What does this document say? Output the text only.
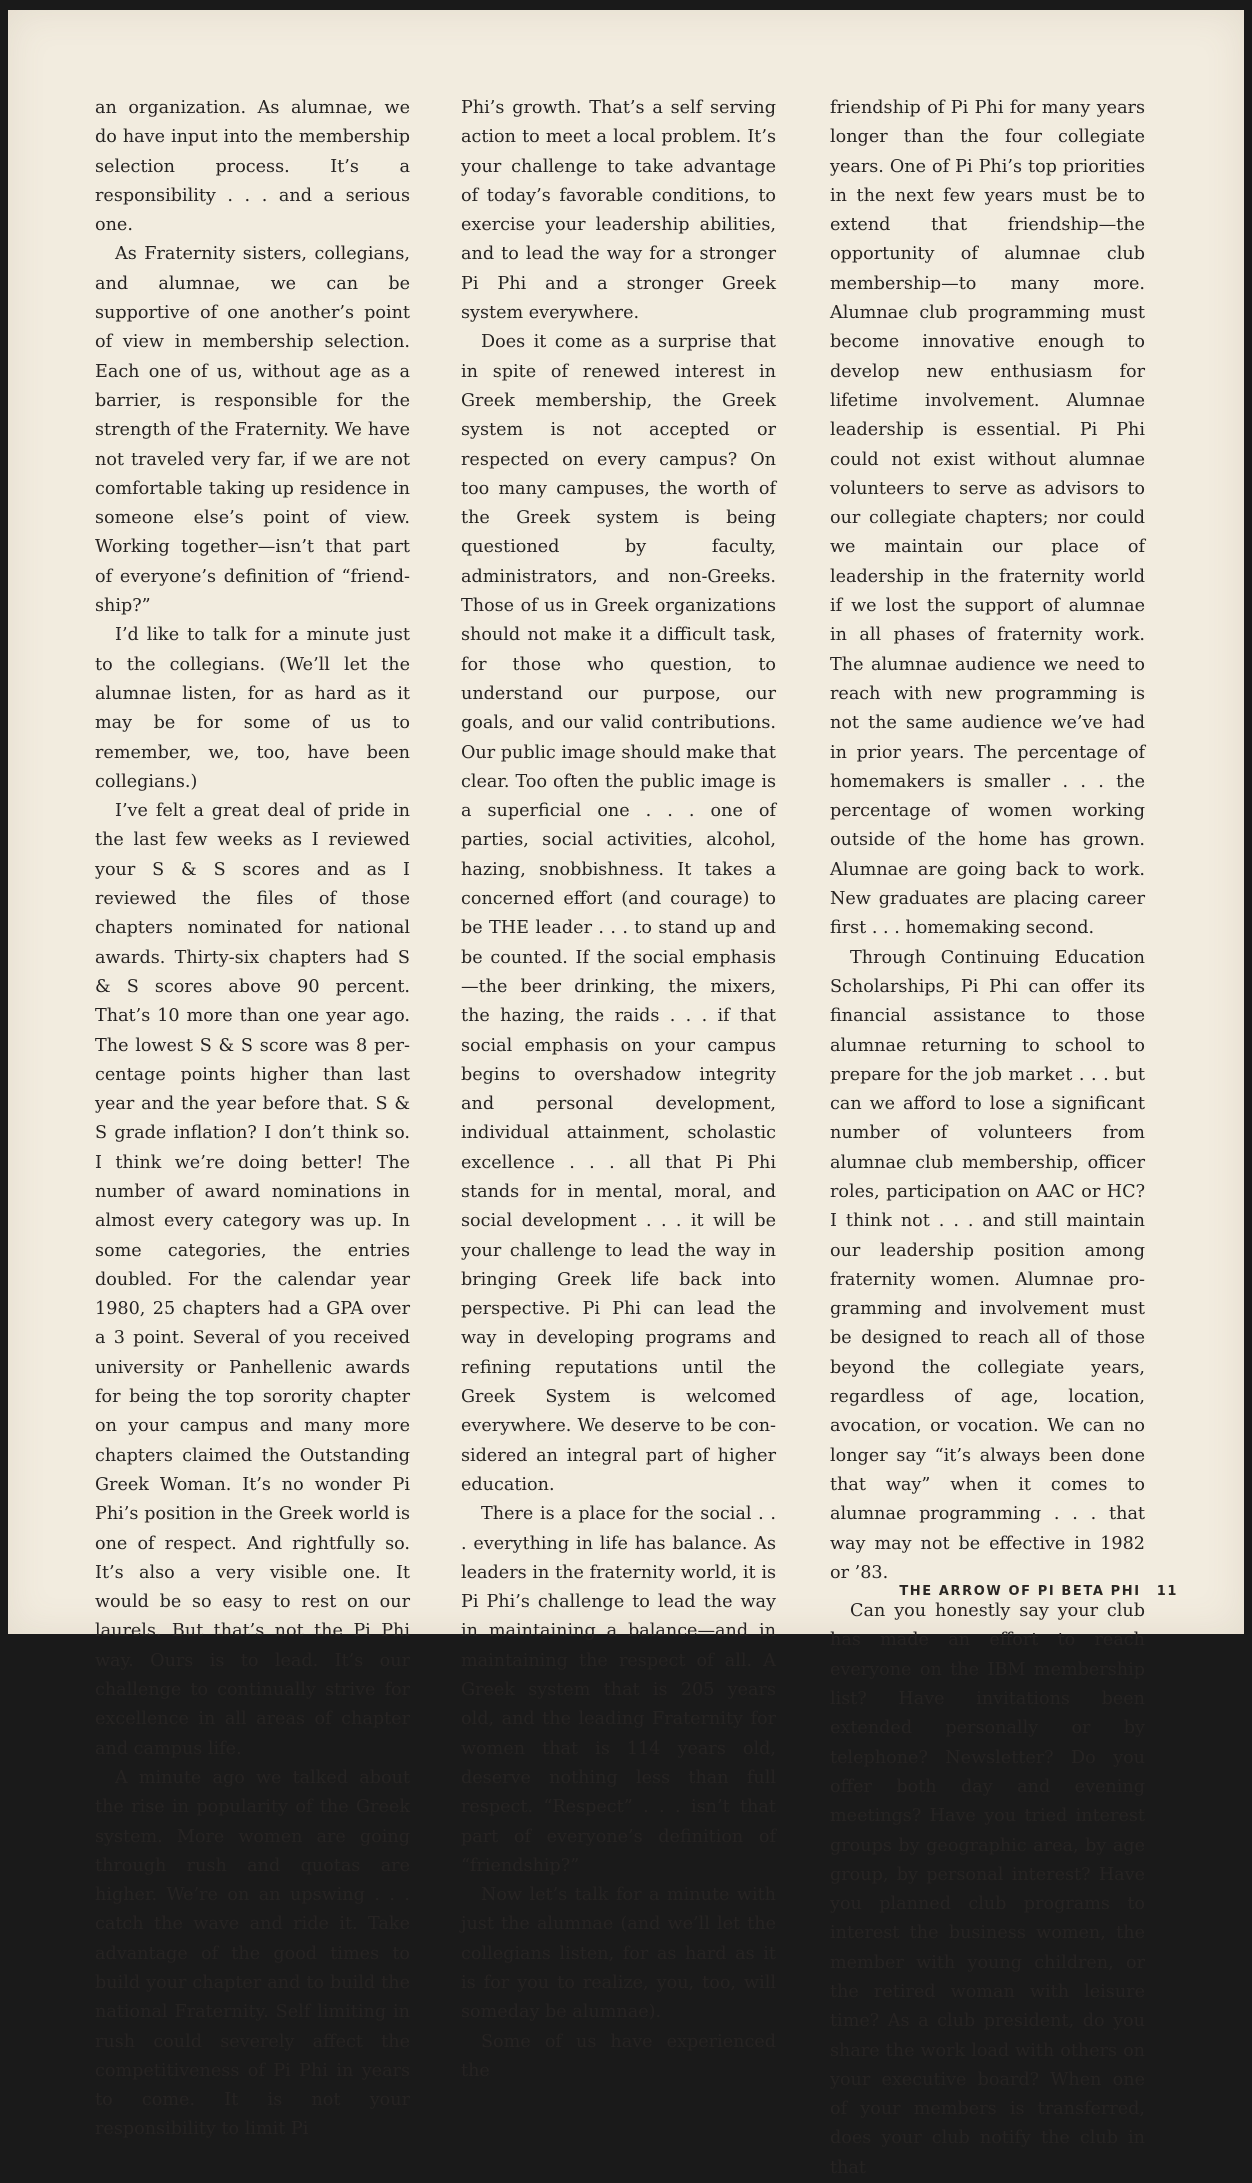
an organization. As alumnae, we do have input into the membership selection process. It’s a responsibility . . . and a serious one.

As Fraternity sisters, collegians, and alumnae, we can be supportive of one another’s point of view in membership selection. Each one of us, without age as a barrier, is responsible for the strength of the Fraternity. We have not traveled very far, if we are not comfortable taking up residence in someone else’s point of view. Working together—isn’t that part of everyone’s definition of “friendship?”

I’d like to talk for a minute just to the collegians. (We’ll let the alumnae listen, for as hard as it may be for some of us to remember, we, too, have been collegians.)

I’ve felt a great deal of pride in the last few weeks as I reviewed your S & S scores and as I reviewed the files of those chapters nominated for national awards. Thirty-six chapters had S & S scores above 90 percent. That’s 10 more than one year ago. The lowest S & S score was 8 percentage points higher than last year and the year before that. S & S grade inflation? I don’t think so. I think we’re doing better! The number of award nominations in almost every category was up. In some categories, the entries doubled. For the calendar year 1980, 25 chapters had a GPA over a 3 point. Several of you received university or Panhellenic awards for being the top sorority chapter on your campus and many more chapters claimed the Outstanding Greek Woman. It’s no wonder Pi Phi’s position in the Greek world is one of respect. And rightfully so. It’s also a very visible one. It would be so easy to rest on our laurels. But that’s not the Pi Phi way. Ours is to lead. It’s our challenge to continually strive for excellence in all areas of chapter and campus life.

A minute ago we talked about the rise in popularity of the Greek system. More women are going through rush and quotas are higher. We’re on an upswing . . . catch the wave and ride it. Take advantage of the good times to build your chapter and to build the national Fraternity. Self limiting in rush could severely affect the competitiveness of Pi Phi in years to come. It is not your responsibility to limit Pi

Phi’s growth. That’s a self serving action to meet a local problem. It’s your challenge to take advantage of today’s favorable conditions, to exercise your leadership abilities, and to lead the way for a stronger Pi Phi and a stronger Greek system everywhere.

Does it come as a surprise that in spite of renewed interest in Greek membership, the Greek system is not accepted or respected on every campus? On too many campuses, the worth of the Greek system is being questioned by faculty, administrators, and non-Greeks. Those of us in Greek organizations should not make it a difficult task, for those who question, to understand our purpose, our goals, and our valid contributions. Our public image should make that clear. Too often the public image is a superficial one . . . one of parties, social activities, alcohol, hazing, snobbishness. It takes a concerned effort (and courage) to be THE leader . . . to stand up and be counted. If the social emphasis—the beer drinking, the mixers, the hazing, the raids . . . if that social emphasis on your campus begins to overshadow integrity and personal development, individual attainment, scholastic excellence . . . all that Pi Phi stands for in mental, moral, and social development . . . it will be your challenge to lead the way in bringing Greek life back into perspective. Pi Phi can lead the way in developing programs and refining reputations until the Greek System is welcomed everywhere. We deserve to be considered an integral part of higher education.

There is a place for the social . . . everything in life has balance. As leaders in the fraternity world, it is Pi Phi’s challenge to lead the way in maintaining a balance—and in maintaining the respect of all. A Greek system that is 205 years old, and the leading Fraternity for women that is 114 years old, deserve nothing less than full respect. “Respect” . . . isn’t that part of everyone’s definition of “friendship?”

Now let’s talk for a minute with just the alumnae (and we’ll let the collegians listen, for as hard as it is for you to realize, you, too, will someday be alumnae).

Some of us have experienced the

friendship of Pi Phi for many years longer than the four collegiate years. One of Pi Phi’s top priorities in the next few years must be to extend that friendship—the opportunity of alumnae club membership—to many more. Alumnae club programming must become innovative enough to develop new enthusiasm for lifetime involvement. Alumnae leadership is essential. Pi Phi could not exist without alumnae volunteers to serve as advisors to our collegiate chapters; nor could we maintain our place of leadership in the fraternity world if we lost the support of alumnae in all phases of fraternity work. The alumnae audience we need to reach with new programming is not the same audience we’ve had in prior years. The percentage of homemakers is smaller . . . the percentage of women working outside of the home has grown. Alumnae are going back to work. New graduates are placing career first . . . homemaking second.

Through Continuing Education Scholarships, Pi Phi can offer its financial assistance to those alumnae returning to school to prepare for the job market . . . but can we afford to lose a significant number of volunteers from alumnae club membership, officer roles, participation on AAC or HC? I think not . . . and still maintain our leadership position among fraternity women. Alumnae programming and involvement must be designed to reach all of those beyond the collegiate years, regardless of age, location, avocation, or vocation. We can no longer say “it’s always been done that way” when it comes to alumnae programming . . . that way may not be effective in 1982 or ’83.

Can you honestly say your club has made an effort to reach everyone on the IBM membership list? Have invitations been extended personally or by telephone? Newsletter? Do you offer both day and evening meetings? Have you tried interest groups by geographic area, by age group, by personal interest? Have you planned club programs to interest the business women, the member with young children, or the retired woman with leisure time? As a club president, do you share the work load with others on your executive board? When one of your members is transferred, does your club notify the club in that

THE ARROW OF PI BETA PHI 11
